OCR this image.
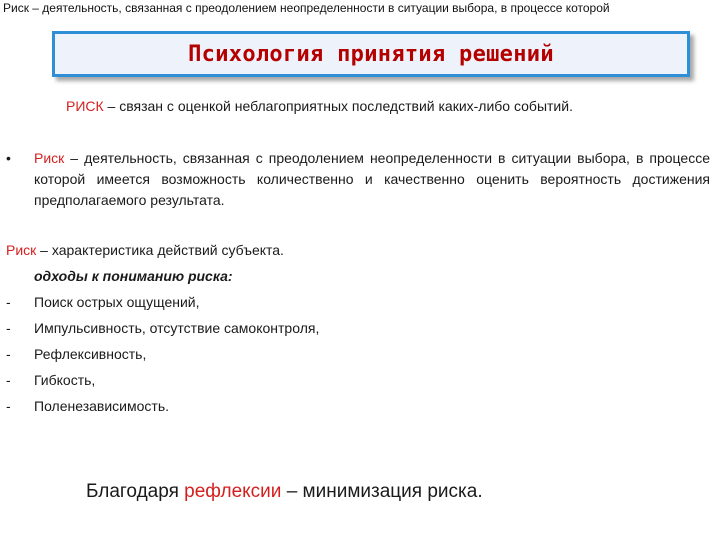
Риск – деятельность, связанная с преодолением неопределенности в ситуации выбора, в процессе которой
Психология принятия решений
РИСК – связан с оценкой неблагоприятных последствий каких-либо событий.
• Риск – деятельность, связанная с преодолением неопределенности в ситуации выбора, в процессе которой имеется возможность количественно и качественно оценить вероятность достижения предполагаемого результата.
Риск – характеристика действий субъекта.
одходы к пониманию риска:
- Поиск острых ощущений,
- Импульсивность, отсутствие самоконтроля,
- Рефлексивность,
- Гибкость,
- Поленезависимость.
Благодаря рефлексии – минимизация риска.
